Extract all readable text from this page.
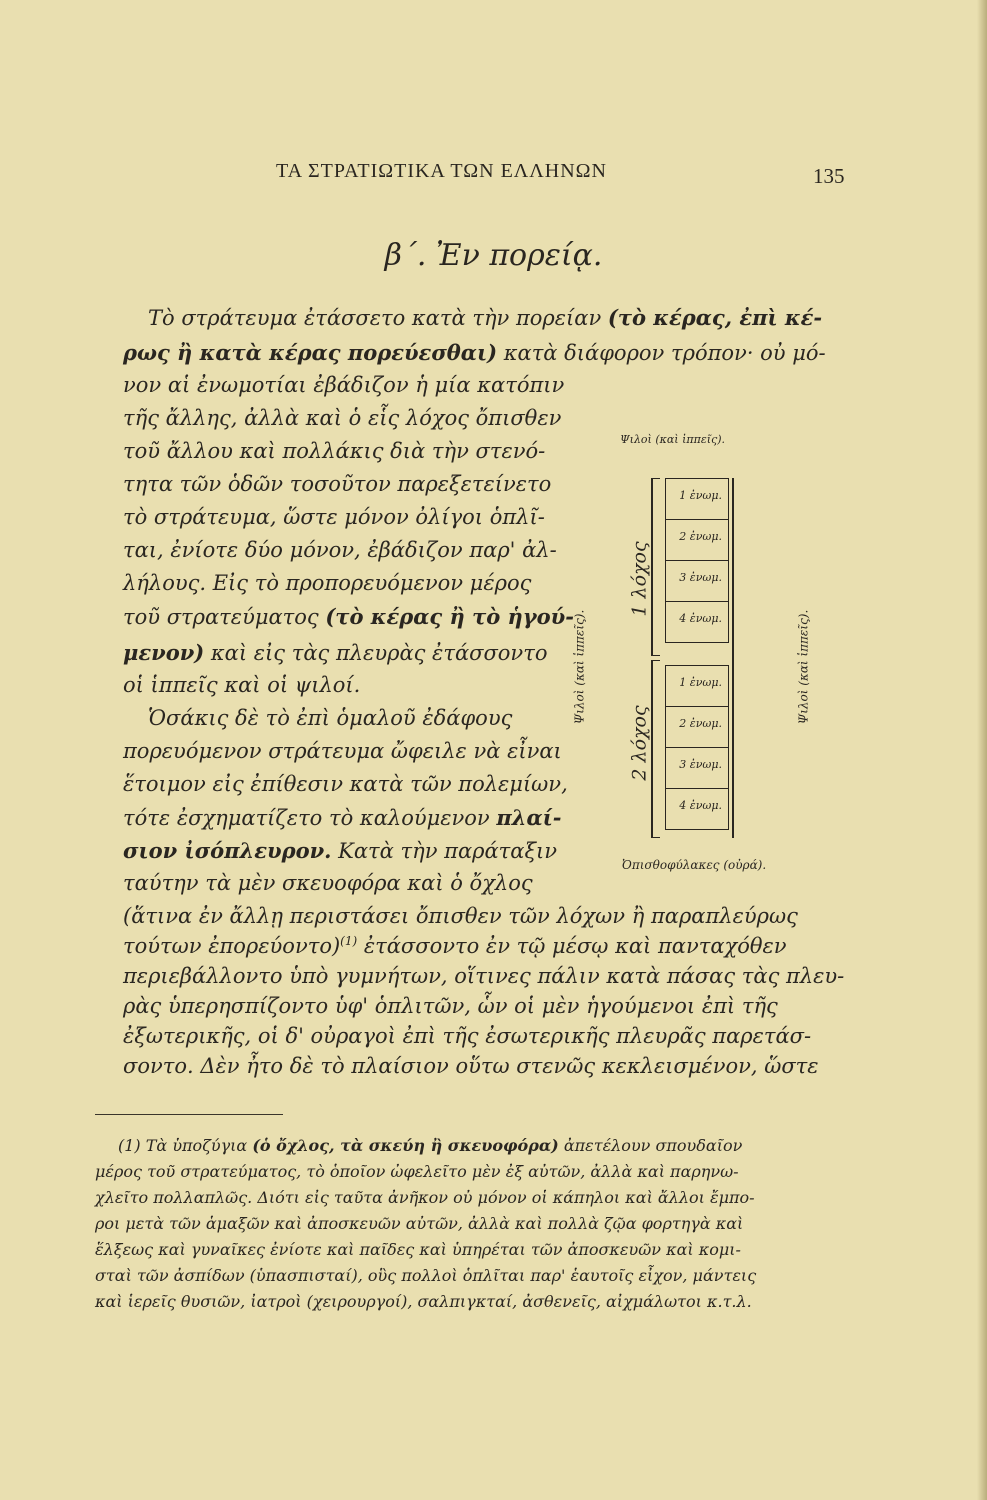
ΤΑ ΣΤΡΑΤΙΩΤΙΚΑ ΤΩΝ ΕΛΛΗΝΩΝ	135
β΄. Ἐν πορείᾳ.
Τὸ στράτευμα ἐτάσσετο κατὰ τὴν πορείαν (τὸ κέρας, ἐπὶ κέ-
ρως ἢ κατὰ κέρας πορεύεσθαι) κατὰ διάφορον τρόπον· οὐ μό-
νον αἱ ἐνωμοτίαι ἐβάδιζον ἡ μία κατόπιν
τῆς ἄλλης, ἀλλὰ καὶ ὁ εἷς λόχος ὄπισθεν
τοῦ ἄλλου καὶ πολλάκις διὰ τὴν στενό-
τητα τῶν ὁδῶν τοσοῦτον παρεξετείνετο
τὸ στράτευμα, ὥστε μόνον ὀλίγοι ὁπλῖ-
ται, ἐνίοτε δύο μόνον, ἐβάδιζον παρ' ἀλ-
λήλους. Εἰς τὸ προπορευόμενον μέρος
τοῦ στρατεύματος (τὸ κέρας ἢ τὸ ἡγού-
μενον) καὶ εἰς τὰς πλευρὰς ἐτάσσοντο
οἱ ἱππεῖς καὶ οἱ ψιλοί.
Ὁσάκις δὲ τὸ ἐπὶ ὁμαλοῦ ἐδάφους
πορευόμενον στράτευμα ὤφειλε νὰ εἶναι
ἕτοιμον εἰς ἐπίθεσιν κατὰ τῶν πολεμίων,
τότε ἐσχηματίζετο τὸ καλούμενον πλαί-
σιον ἰσόπλευρον. Κατὰ τὴν παράταξιν
ταύτην τὰ μὲν σκευοφόρα καὶ ὁ ὄχλος
(ἅτινα ἐν ἄλλῃ περιστάσει ὄπισθεν τῶν λόχων ἢ παραπλεύρως
τούτων ἐπορεύοντο)$^{(1)}$ ἐτάσσοντο ἐν τῷ μέσῳ καὶ πανταχόθεν
περιεβάλλοντο ὑπὸ γυμνήτων, οἵτινες πάλιν κατὰ πάσας τὰς πλευ-
ρὰς ὑπερησπίζοντο ὑφ' ὁπλιτῶν, ὧν οἱ μὲν ἡγούμενοι ἐπὶ τῆς
ἐξωτερικῆς, οἱ δ' οὐραγοὶ ἐπὶ τῆς ἐσωτερικῆς πλευρᾶς παρετάσ-
σοντο. Δὲν ἦτο δὲ τὸ πλαίσιον οὕτω στενῶς κεκλεισμένον, ὥστε
(1) Τὰ ὑποζύγια (ὁ ὄχλος, τὰ σκεύη ἢ σκευοφόρα) ἀπετέλουν σπουδαῖον
μέρος τοῦ στρατεύματος, τὸ ὁποῖον ὠφελεῖτο μὲν ἐξ αὐτῶν, ἀλλὰ καὶ παρηνω-
χλεῖτο πολλαπλῶς. Διότι εἰς ταῦτα ἀνῆκον οὐ μόνον οἱ κάπηλοι καὶ ἄλλοι ἔμπο-
ροι μετὰ τῶν ἁμαξῶν καὶ ἀποσκευῶν αὐτῶν, ἀλλὰ καὶ πολλὰ ζῷα φορτηγὰ καὶ
ἕλξεως καὶ γυναῖκες ἐνίοτε καὶ παῖδες καὶ ὑπηρέται τῶν ἀποσκευῶν καὶ κομι-
σταὶ τῶν ἀσπίδων (ὑπασπισταί), οὓς πολλοὶ ὁπλῖται παρ' ἑαυτοῖς εἶχον, μάντεις
καὶ ἱερεῖς θυσιῶν, ἰατροὶ (χειρουργοί), σαλπιγκταί, ἀσθενεῖς, αἰχμάλωτοι κ.τ.λ.
Ψιλοὶ (καὶ ἱππεῖς).
Ψιλοὶ (καὶ ἱππεῖς).	Ψιλοὶ (καὶ ἱππεῖς).
1 λόχος
2 λόχος
1 ἐνωμ.
2 ἐνωμ.
3 ἐνωμ.
4 ἐνωμ.
1 ἐνωμ.
2 ἐνωμ.
3 ἐνωμ.
4 ἐνωμ.
Ὀπισθοφύλακες (οὐρά).
